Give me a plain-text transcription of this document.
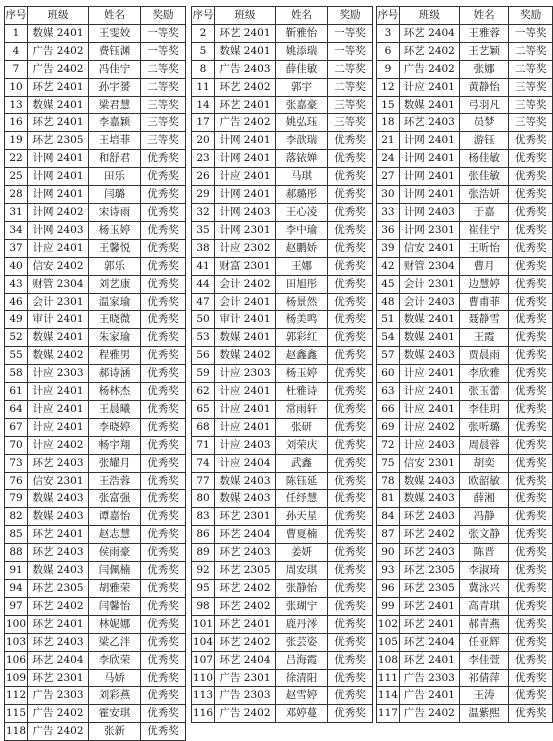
序号	班级	姓名	奖励
1	数媒 2401	王雯姣	一等奖
4	广告 2402	费钰渊	一等奖
7	广告 2402	冯佳宁	二等奖
10	环艺 2401	孙宇赟	二等奖
13	数媒 2401	梁君慧	三等奖
16	环艺 2401	李嘉颖	三等奖
19	环艺 2305	王培菲	三等奖
22	计网 2401	和舒君	优秀奖
25	计网 2401	田乐	优秀奖
28	计网 2401	闫璐	优秀奖
31	计网 2402	宋诗雨	优秀奖
34	计网 2403	杨玉婷	优秀奖
37	计应 2401	王馨悦	优秀奖
40	信安 2402	郭乐	优秀奖
43	财管 2304	刘艺康	优秀奖
46	会计 2301	温家瑜	优秀奖
49	审计 2401	王晓微	优秀奖
52	数媒 2401	朱家瑜	优秀奖
55	数媒 2402	程雅男	优秀奖
58	计应 2303	郝诗涵	优秀奖
61	计应 2401	杨林杰	优秀奖
64	计应 2401	王晨曦	优秀奖
67	计应 2401	李晓婷	优秀奖
70	计应 2402	畅宇翔	优秀奖
73	环艺 2403	张耀月	优秀奖
76	信安 2301	王浩蓉	优秀奖
79	数媒 2403	张富强	优秀奖
82	数媒 2403	谭嘉怡	优秀奖
85	环艺 2401	赵志慧	优秀奖
88	环艺 2403	侯雨豪	优秀奖
91	数媒 2403	闫佩楠	优秀奖
94	环艺 2305	胡雅荣	优秀奖
97	环艺 2402	闫馨怡	优秀奖
100	环艺 2401	林妮娜	优秀奖
103	环艺 2403	梁乙泮	优秀奖
106	环艺 2404	李欣荣	优秀奖
109	环艺 2301	马娇	优秀奖
112	广告 2303	刘彩燕	优秀奖
115	广告 2402	霍安琪	优秀奖
118	广告 2402	张新	优秀奖
序号	班级	姓名	奖励
2	环艺 2401	靳雅怡	一等奖
5	数媒 2401	姚添瑞	一等奖
8	广告 2403	薛佳敏	二等奖
11	环艺 2402	郭宇	二等奖
14	环艺 2401	张嘉豪	三等奖
17	广告 2402	姚弘珏	三等奖
20	计网 2401	李歆瑞	优秀奖
23	计网 2401	落铱婵	优秀奖
26	计应 2401	马琪	优秀奖
29	计网 2401	郝璐彤	优秀奖
32	计网 2403	王心凌	优秀奖
35	计网 2301	李中瑜	优秀奖
38	计应 2302	赵鹏娇	优秀奖
41	财富 2301	王娜	优秀奖
44	会计 2402	田旭彤	优秀奖
47	会计 2401	杨景然	优秀奖
50	审计 2401	杨美鸣	优秀奖
53	数媒 2401	郭彩红	优秀奖
56	数媒 2402	赵鑫鑫	优秀奖
59	计应 2303	杨玉婷	优秀奖
62	计应 2401	杜雅诗	优秀奖
65	计应 2401	常雨轩	优秀奖
68	计应 2401	张研	优秀奖
71	计应 2403	刘荣庆	优秀奖
74	计应 2404	武鑫	优秀奖
77	数媒 2403	陈钰延	优秀奖
80	数媒 2403	任纾慧	优秀奖
83	环艺 2301	孙天星	优秀奖
86	环艺 2404	曹夏楠	优秀奖
89	环艺 2403	姜妍	优秀奖
92	环艺 2305	周安琪	优秀奖
95	环艺 2402	张静怡	优秀奖
98	环艺 2402	张瑚宁	优秀奖
101	环艺 2401	鹿丹澪	优秀奖
104	环艺 2402	张芸姿	优秀奖
107	环艺 2404	吕海霞	优秀奖
110	广告 2301	徐清阳	优秀奖
113	广告 2303	赵雪婷	优秀奖
116	广告 2402	邓婷蔓	优秀奖
序号	班级	姓名	奖励
3	环艺 2404	王雅蓉	一等奖
6	环艺 2402	王艺颖	二等奖
9	广告 2402	张娜	二等奖
12	计应 2401	黄静怡	三等奖
15	数媒 2401	弓羽凡	三等奖
18	环艺 2403	员梦	三等奖
21	计网 2401	游钰	优秀奖
24	计网 2401	杨佳敏	优秀奖
27	计网 2401	张佳敏	优秀奖
30	计网 2401	张浩妍	优秀奖
33	计网 2403	于嘉	优秀奖
36	计网 2301	崔佳宁	优秀奖
39	信安 2401	王昕怡	优秀奖
42	财管 2304	曹月	优秀奖
45	会计 2301	边慧婷	优秀奖
48	会计 2403	曹甫菲	优秀奖
51	数媒 2401	聂静雪	优秀奖
54	数媒 2401	王霞	优秀奖
57	数媒 2403	贾晨雨	优秀奖
60	计应 2401	李欣雅	优秀奖
63	计应 2401	张玉蕾	优秀奖
66	计应 2401	李佳玥	优秀奖
69	计应 2402	张听璐	优秀奖
72	计应 2403	周晨蓉	优秀奖
75	信安 2301	胡奕	优秀奖
78	数媒 2403	欧韶敏	优秀奖
81	数媒 2403	薛湘	优秀奖
84	环艺 2403	冯静	优秀奖
87	环艺 2402	张文静	优秀奖
90	环艺 2403	陈晋	优秀奖
93	环艺 2305	李淑琦	优秀奖
96	环艺 2305	冀泳兴	优秀奖
99	环艺 2401	高青琪	优秀奖
102	环艺 2401	郝青燕	优秀奖
105	环艺 2404	任亚辉	优秀奖
108	环艺 2401	李佳萱	优秀奖
111	广告 2303	祁倩萍	优秀奖
114	广告 2401	王涛	优秀奖
117	广告 2402	温紫熙	优秀奖
